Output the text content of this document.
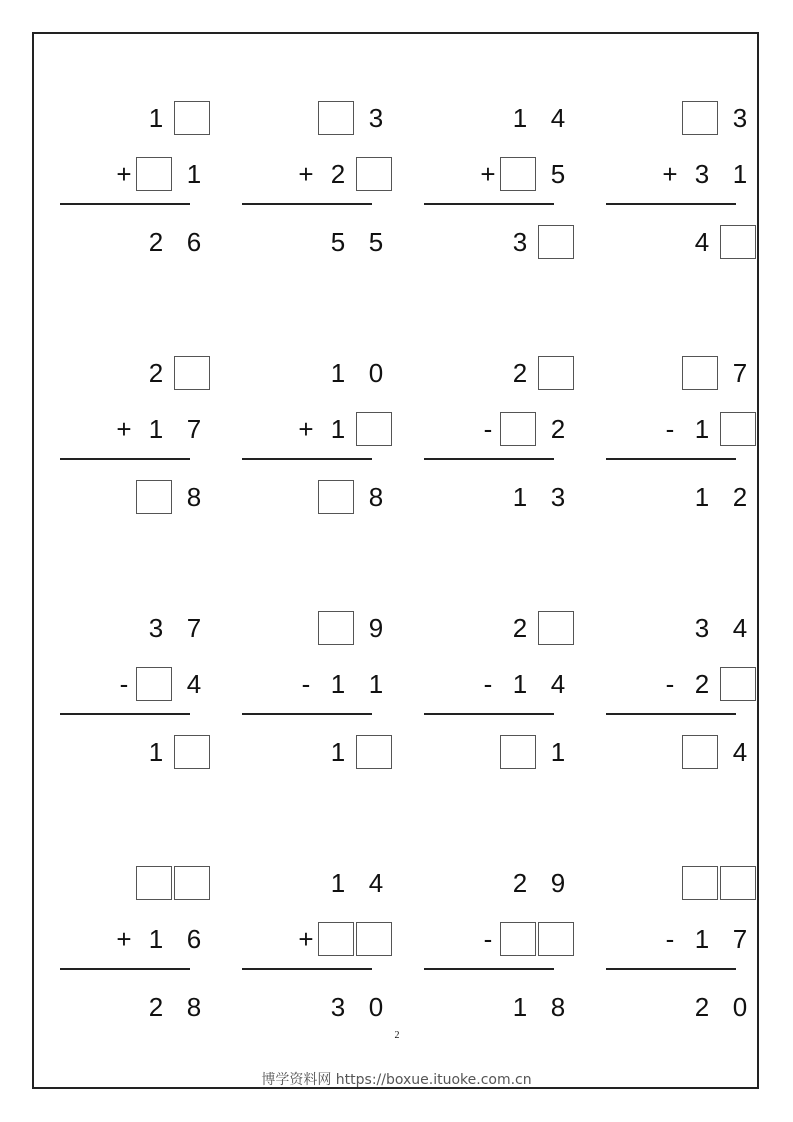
1
+	1
2 6
3
+ 2
5 5
1 4
+	5
3
3
+ 3 1
4
2
+ 1 7
8
1 0
+ 1
8
2
-	2
1 3
7
- 1
1 2
3 7
-	4
1
9
- 1 1
1
2
- 1 4
1
3 4
- 2
4
+ 1 6
2 8
1 4
+
3 0
2 9
-
1 8
- 1 7
2 0
2
博学资料网 https://boxue.ituoke.com.cn
